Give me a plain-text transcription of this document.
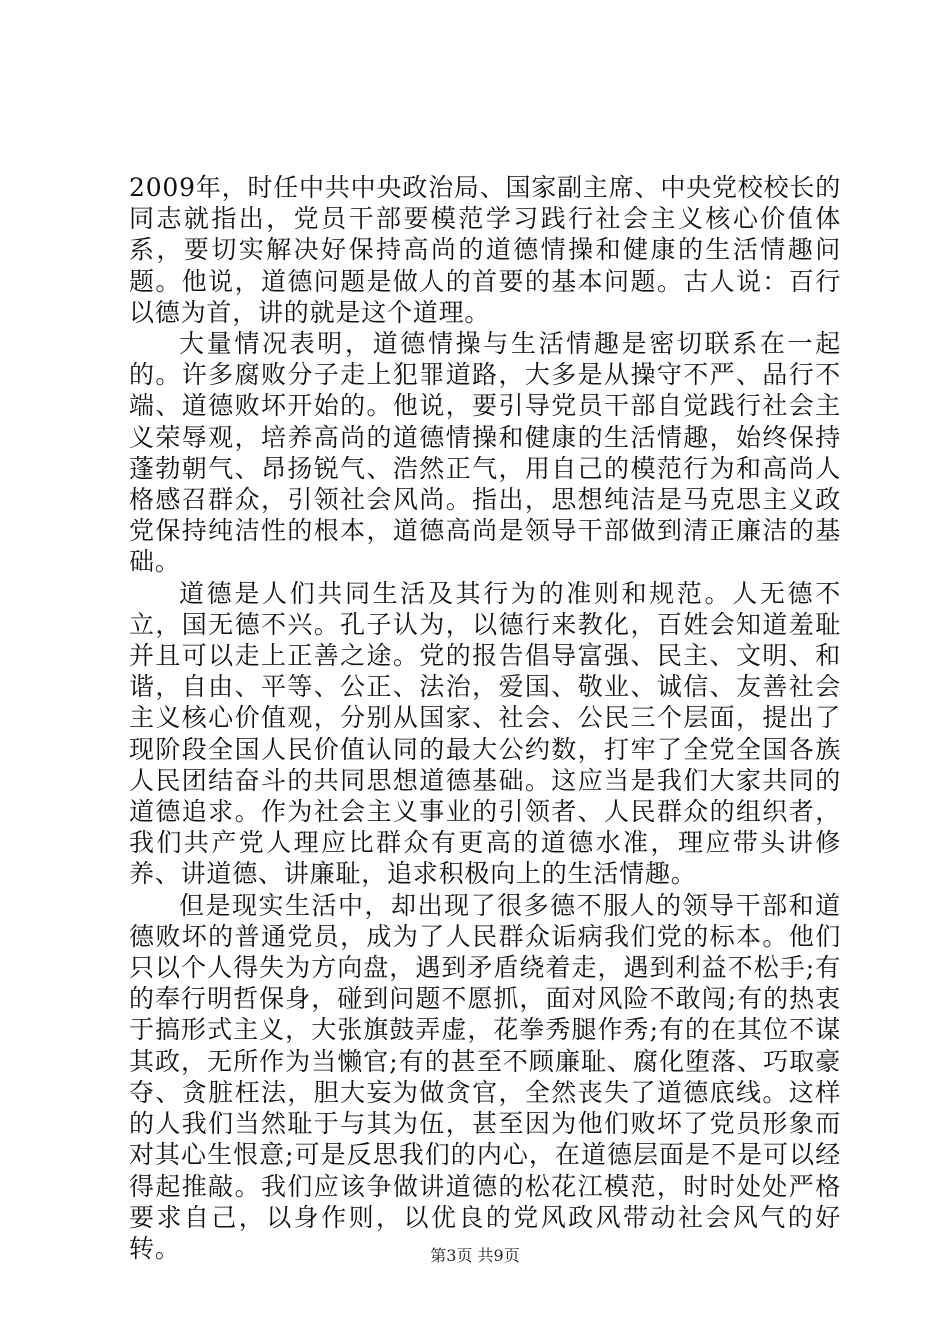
2009年，时任中共中央政治局、国家副主席、中央党校校长的同志就指出，党员干部要模范学习践行社会主义核心价值体系，要切实解决好保持高尚的道德情操和健康的生活情趣问题。他说，道德问题是做人的首要的基本问题。古人说：百行以德为首，讲的就是这个道理。

大量情况表明，道德情操与生活情趣是密切联系在一起的。许多腐败分子走上犯罪道路，大多是从操守不严、品行不端、道德败坏开始的。他说，要引导党员干部自觉践行社会主义荣辱观，培养高尚的道德情操和健康的生活情趣，始终保持蓬勃朝气、昂扬锐气、浩然正气，用自己的模范行为和高尚人格感召群众，引领社会风尚。指出，思想纯洁是马克思主义政党保持纯洁性的根本，道德高尚是领导干部做到清正廉洁的基础。

道德是人们共同生活及其行为的准则和规范。人无德不立，国无德不兴。孔子认为，以德行来教化，百姓会知道羞耻并且可以走上正善之途。党的报告倡导富强、民主、文明、和谐，自由、平等、公正、法治，爱国、敬业、诚信、友善社会主义核心价值观，分别从国家、社会、公民三个层面，提出了现阶段全国人民价值认同的最大公约数，打牢了全党全国各族人民团结奋斗的共同思想道德基础。这应当是我们大家共同的道德追求。作为社会主义事业的引领者、人民群众的组织者，我们共产党人理应比群众有更高的道德水准，理应带头讲修养、讲道德、讲廉耻，追求积极向上的生活情趣。

但是现实生活中，却出现了很多德不服人的领导干部和道德败坏的普通党员，成为了人民群众诟病我们党的标本。他们只以个人得失为方向盘，遇到矛盾绕着走，遇到利益不松手;有的奉行明哲保身，碰到问题不愿抓，面对风险不敢闯;有的热衷于搞形式主义，大张旗鼓弄虚，花拳秀腿作秀;有的在其位不谋其政，无所作为当懒官;有的甚至不顾廉耻、腐化堕落、巧取豪夺、贪脏枉法，胆大妄为做贪官，全然丧失了道德底线。这样的人我们当然耻于与其为伍，甚至因为他们败坏了党员形象而对其心生恨意;可是反思我们的内心，在道德层面是不是可以经得起推敲。我们应该争做讲道德的松花江模范，时时处处严格要求自己，以身作则，以优良的党风政风带动社会风气的好转。	第3页 共9页
